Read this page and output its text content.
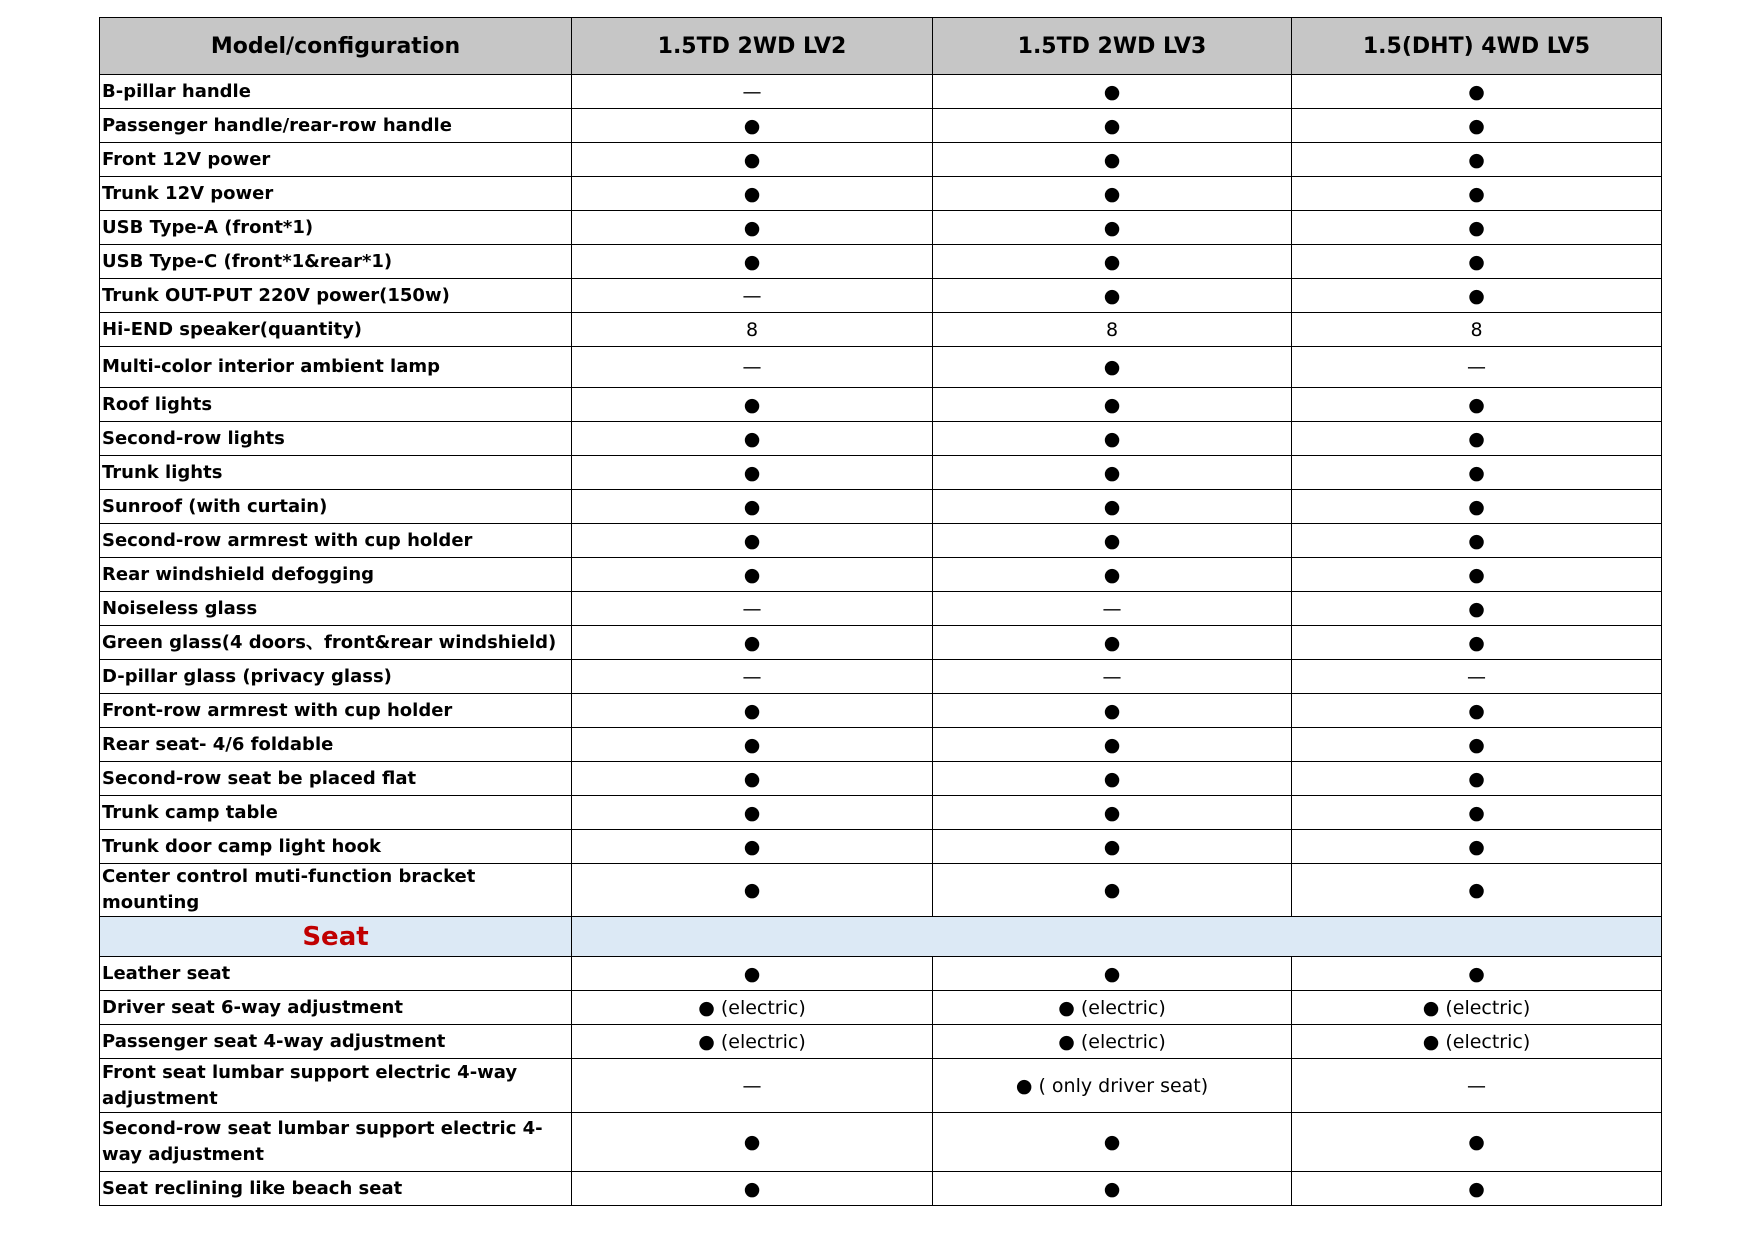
Model/configuration	1.5TD 2WD LV2	1.5TD 2WD LV3	1.5(DHT) 4WD LV5
B-pillar handle	—	●	●
Passenger handle/rear-row handle	●	●	●
Front 12V power	●	●	●
Trunk 12V power	●	●	●
USB Type-A (front*1)	●	●	●
USB Type-C (front*1&rear*1)	●	●	●
Trunk OUT-PUT 220V power(150w)	—	●	●
Hi-END speaker(quantity)	8	8	8
Multi-color interior ambient lamp	—	●	—
Roof lights	●	●	●
Second-row lights	●	●	●
Trunk lights	●	●	●
Sunroof (with curtain)	●	●	●
Second-row armrest with cup holder	●	●	●
Rear windshield defogging	●	●	●
Noiseless glass	—	—	●
Green glass(4 doors、front&rear windshield)	●	●	●
D-pillar glass (privacy glass)	—	—	—
Front-row armrest with cup holder	●	●	●
Rear seat- 4/6 foldable	●	●	●
Second-row seat be placed flat	●	●	●
Trunk camp table	●	●	●
Trunk door camp light hook	●	●	●
Center control muti-function bracket mounting	●	●	●
Seat			
Leather seat	●	●	●
Driver seat 6-way adjustment	● (electric)	● (electric)	● (electric)
Passenger seat 4-way adjustment	● (electric)	● (electric)	● (electric)
Front seat lumbar support electric 4-way adjustment	—	● ( only driver seat)	—
Second-row seat lumbar support electric 4-way adjustment	●	●	●
Seat reclining like beach seat	●	●	●
